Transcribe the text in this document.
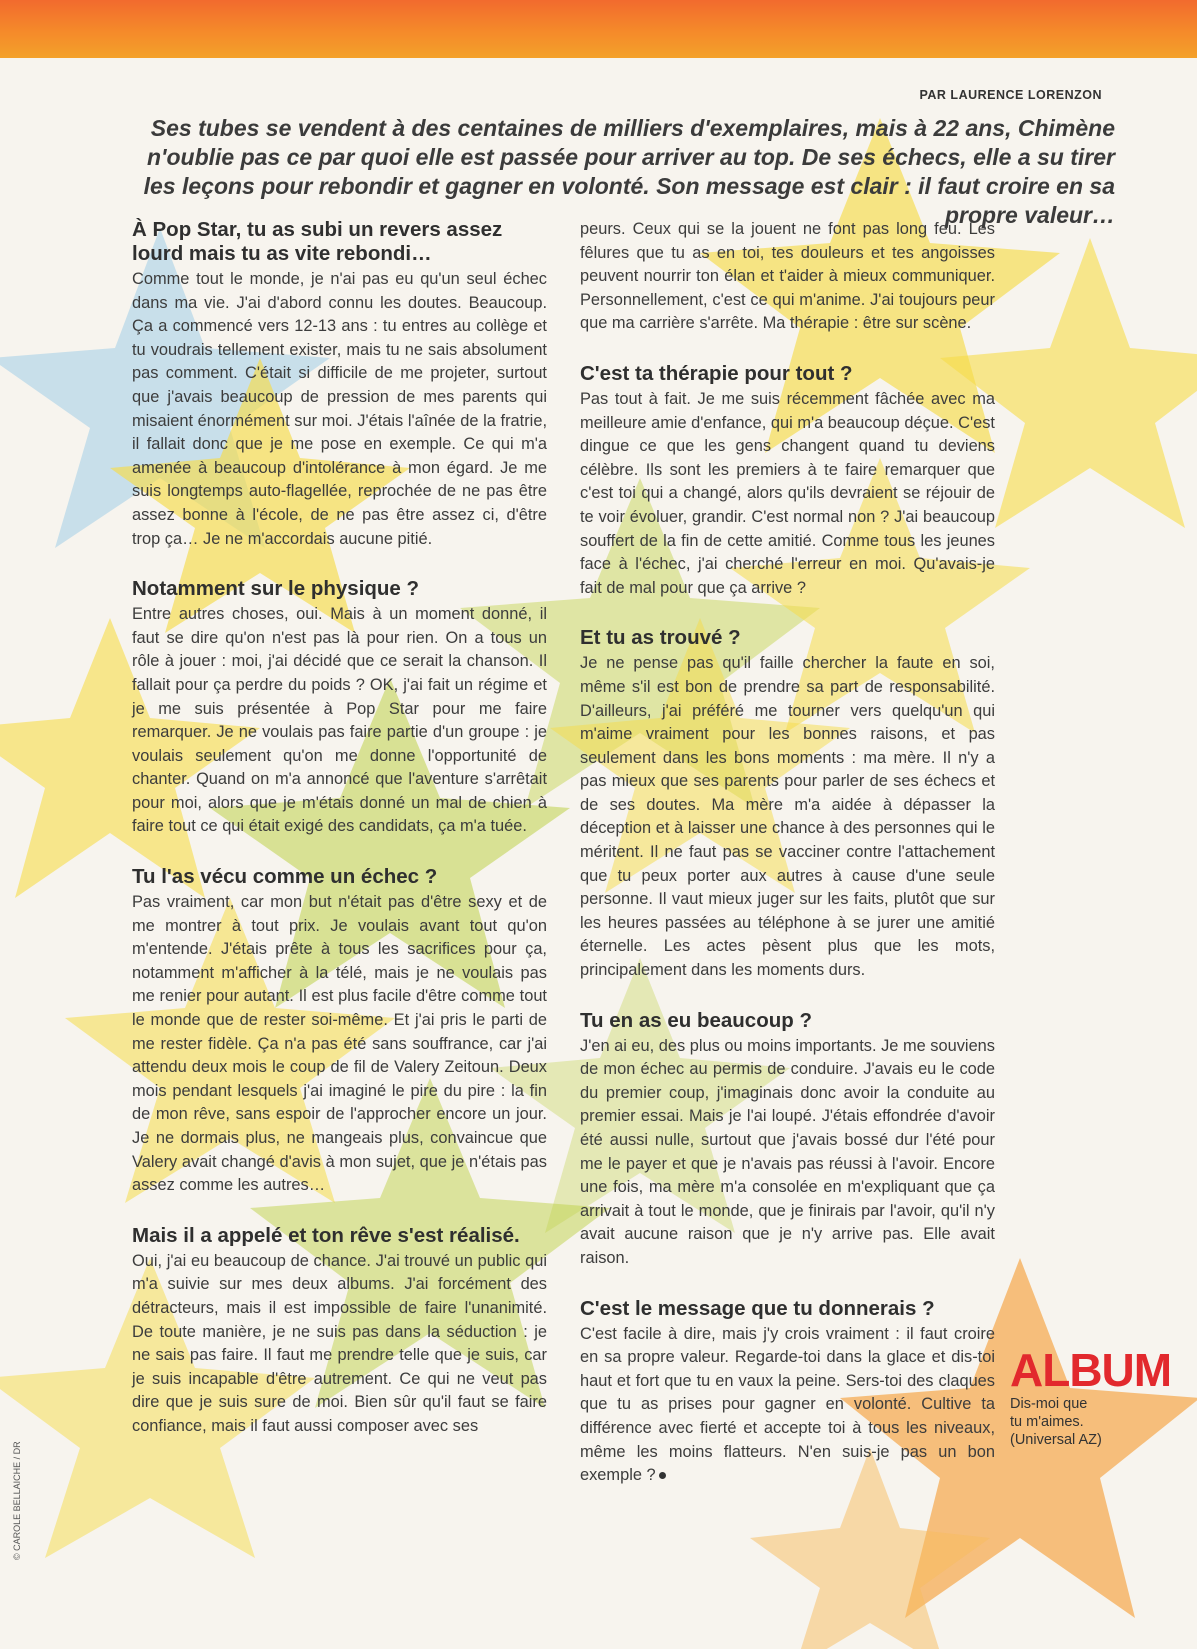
PAR LAURENCE LORENZON
Ses tubes se vendent à des centaines de milliers d'exemplaires, mais à 22 ans, Chimène n'oublie pas ce par quoi elle est passée pour arriver au top. De ses échecs, elle a su tirer les leçons pour rebondir et gagner en volonté. Son message est clair : il faut croire en sa propre valeur…
À Pop Star, tu as subi un revers assez lourd mais tu as vite rebondi…

Comme tout le monde, je n'ai pas eu qu'un seul échec dans ma vie. J'ai d'abord connu les doutes. Beaucoup. Ça a commencé vers 12-13 ans : tu entres au collège et tu voudrais tellement exister, mais tu ne sais absolument pas comment. C'était si difficile de me projeter, surtout que j'avais beaucoup de pression de mes parents qui misaient énormément sur moi. J'étais l'aînée de la fratrie, il fallait donc que je me pose en exemple. Ce qui m'a amenée à beaucoup d'intolérance à mon égard. Je me suis longtemps auto-flagellée, reprochée de ne pas être assez bonne à l'école, de ne pas être assez ci, d'être trop ça… Je ne m'accordais aucune pitié.

Notamment sur le physique ?

Entre autres choses, oui. Mais à un moment donné, il faut se dire qu'on n'est pas là pour rien. On a tous un rôle à jouer : moi, j'ai décidé que ce serait la chanson. Il fallait pour ça perdre du poids ? OK, j'ai fait un régime et je me suis présentée à Pop Star pour me faire remarquer. Je ne voulais pas faire partie d'un groupe : je voulais seulement qu'on me donne l'opportunité de chanter. Quand on m'a annoncé que l'aventure s'arrêtait pour moi, alors que je m'étais donné un mal de chien à faire tout ce qui était exigé des candidats, ça m'a tuée.

Tu l'as vécu comme un échec ?

Pas vraiment, car mon but n'était pas d'être sexy et de me montrer à tout prix. Je voulais avant tout qu'on m'entende. J'étais prête à tous les sacrifices pour ça, notamment m'afficher à la télé, mais je ne voulais pas me renier pour autant. Il est plus facile d'être comme tout le monde que de rester soi-même. Et j'ai pris le parti de me rester fidèle. Ça n'a pas été sans souffrance, car j'ai attendu deux mois le coup de fil de Valery Zeitoun. Deux mois pendant lesquels j'ai imaginé le pire du pire : la fin de mon rêve, sans espoir de l'approcher encore un jour. Je ne dormais plus, ne mangeais plus, convaincue que Valery avait changé d'avis à mon sujet, que je n'étais pas assez comme les autres…

Mais il a appelé et ton rêve s'est réalisé.

Oui, j'ai eu beaucoup de chance. J'ai trouvé un public qui m'a suivie sur mes deux albums. J'ai forcément des détracteurs, mais il est impossible de faire l'unanimité. De toute manière, je ne suis pas dans la séduction : je ne sais pas faire. Il faut me prendre telle que je suis, car je suis incapable d'être autrement. Ce qui ne veut pas dire que je suis sure de moi. Bien sûr qu'il faut se faire confiance, mais il faut aussi composer avec ses

peurs. Ceux qui se la jouent ne font pas long feu. Les fêlures que tu as en toi, tes douleurs et tes angoisses peuvent nourrir ton élan et t'aider à mieux communiquer. Personnellement, c'est ce qui m'anime. J'ai toujours peur que ma carrière s'arrête. Ma thérapie : être sur scène.

C'est ta thérapie pour tout ?

Pas tout à fait. Je me suis récemment fâchée avec ma meilleure amie d'enfance, qui m'a beaucoup déçue. C'est dingue ce que les gens changent quand tu deviens célèbre. Ils sont les premiers à te faire remarquer que c'est toi qui a changé, alors qu'ils devraient se réjouir de te voir évoluer, grandir. C'est normal non ? J'ai beaucoup souffert de la fin de cette amitié. Comme tous les jeunes face à l'échec, j'ai cherché l'erreur en moi. Qu'avais-je fait de mal pour que ça arrive ?

Et tu as trouvé ?

Je ne pense pas qu'il faille chercher la faute en soi, même s'il est bon de prendre sa part de responsabilité. D'ailleurs, j'ai préféré me tourner vers quelqu'un qui m'aime vraiment pour les bonnes raisons, et pas seulement dans les bons moments : ma mère. Il n'y a pas mieux que ses parents pour parler de ses échecs et de ses doutes. Ma mère m'a aidée à dépasser la déception et à laisser une chance à des personnes qui le méritent. Il ne faut pas se vacciner contre l'attachement que tu peux porter aux autres à cause d'une seule personne. Il vaut mieux juger sur les faits, plutôt que sur les heures passées au téléphone à se jurer une amitié éternelle. Les actes pèsent plus que les mots, principalement dans les moments durs.

Tu en as eu beaucoup ?

J'en ai eu, des plus ou moins importants. Je me souviens de mon échec au permis de conduire. J'avais eu le code du premier coup, j'imaginais donc avoir la conduite au premier essai. Mais je l'ai loupé. J'étais effondrée d'avoir été aussi nulle, surtout que j'avais bossé dur l'été pour me le payer et que je n'avais pas réussi à l'avoir. Encore une fois, ma mère m'a consolée en m'expliquant que ça arrivait à tout le monde, que je finirais par l'avoir, qu'il n'y avait aucune raison que je n'y arrive pas. Elle avait raison.

C'est le message que tu donnerais ?

C'est facile à dire, mais j'y crois vraiment : il faut croire en sa propre valeur. Regarde-toi dans la glace et dis-toi haut et fort que tu en vaux la peine. Sers-toi des claques que tu as prises pour gagner en volonté. Cultive ta différence avec fierté et accepte toi à tous les niveaux, même les moins flatteurs. N'en suis-je pas un bon exemple ?

ALBUM
Dis-moi que
tu m'aimes.
(Universal AZ)
© CAROLE BELLAICHE / DR
